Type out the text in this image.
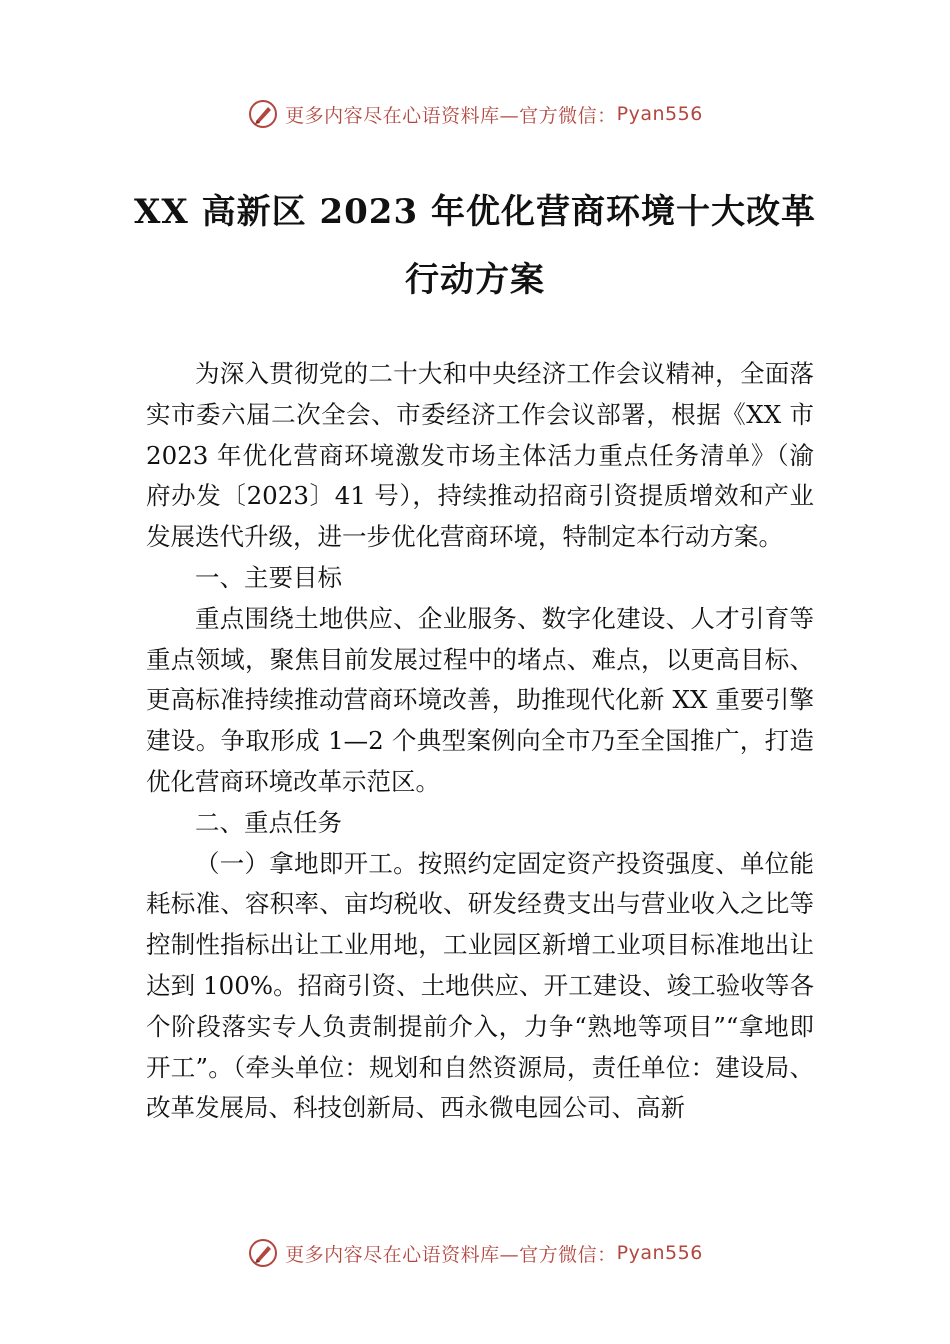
更多内容尽在心语资料库—官方微信： Pyan556
XX 高新区 2023 年优化营商环境十大改革
行动方案

为深入贯彻党的二十大和中央经济工作会议精神，全面落实市委六届二次全会、市委经济工作会议部署，根据《XX 市 2023 年优化营商环境激发市场主体活力重点任务清单》（渝府办发〔2023〕41 号），持续推动招商引资提质增效和产业发展迭代升级，进一步优化营商环境，特制定本行动方案。

一、主要目标

重点围绕土地供应、企业服务、数字化建设、人才引育等重点领域，聚焦目前发展过程中的堵点、难点，以更高目标、更高标准持续推动营商环境改善，助推现代化新 XX 重要引擎建设。争取形成 1—2 个典型案例向全市乃至全国推广，打造优化营商环境改革示范区。

二、重点任务

（一）拿地即开工。按照约定固定资产投资强度、单位能耗标准、容积率、亩均税收、研发经费支出与营业收入之比等控制性指标出让工业用地，工业园区新增工业项目标准地出让达到 100%。招商引资、土地供应、开工建设、竣工验收等各个阶段落实专人负责制提前介入，力争“熟地等项目”“拿地即开工”。（牵头单位：规划和自然资源局，责任单位：建设局、改革发展局、科技创新局、西永微电园公司、高新

更多内容尽在心语资料库—官方微信： Pyan556
